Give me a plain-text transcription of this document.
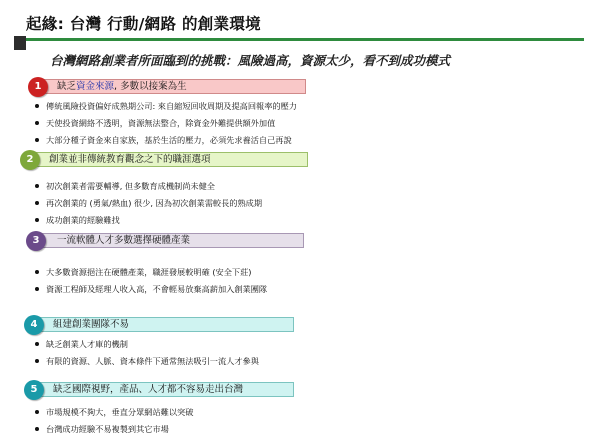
起緣: 台灣 行動/網路 的創業環境
台灣網路創業者所面臨到的挑戰：風險過高，資源太少，看不到成功模式
缺乏資金來源, 多數以接案為生
1
傳統風險投資偏好成熟期公司: 來自縮短回收周期及提高回報率的壓力
天使投資網絡不透明，資源無法整合，除資金外難提供額外加值
大部分種子資金來自家族，基於生活的壓力，必須先求養活自己再說
創業並非傳統教育觀念之下的職涯選項
2
初次創業者需要輔導, 但多數育成機制尚未健全
再次創業的 (勇氣/熱血) 很少, 因為初次創業需較長的熟成期
成功創業的經驗難找
一流軟體人才多數選擇硬體產業
3
大多數資源挹注在硬體產業，職涯發展較明確 (安全下莊)
資源工程師及經理人收入高，不會輕易放棄高薪加入創業團隊
組建創業團隊不易
4
缺乏創業人才庫的機制
有限的資源、人脈、資本條件下通常無法吸引一流人才參與
缺乏國際視野，產品、人才都不容易走出台灣
5
市場規模不夠大，垂直分眾網站難以突破
台灣成功經驗不易複製到其它市場
